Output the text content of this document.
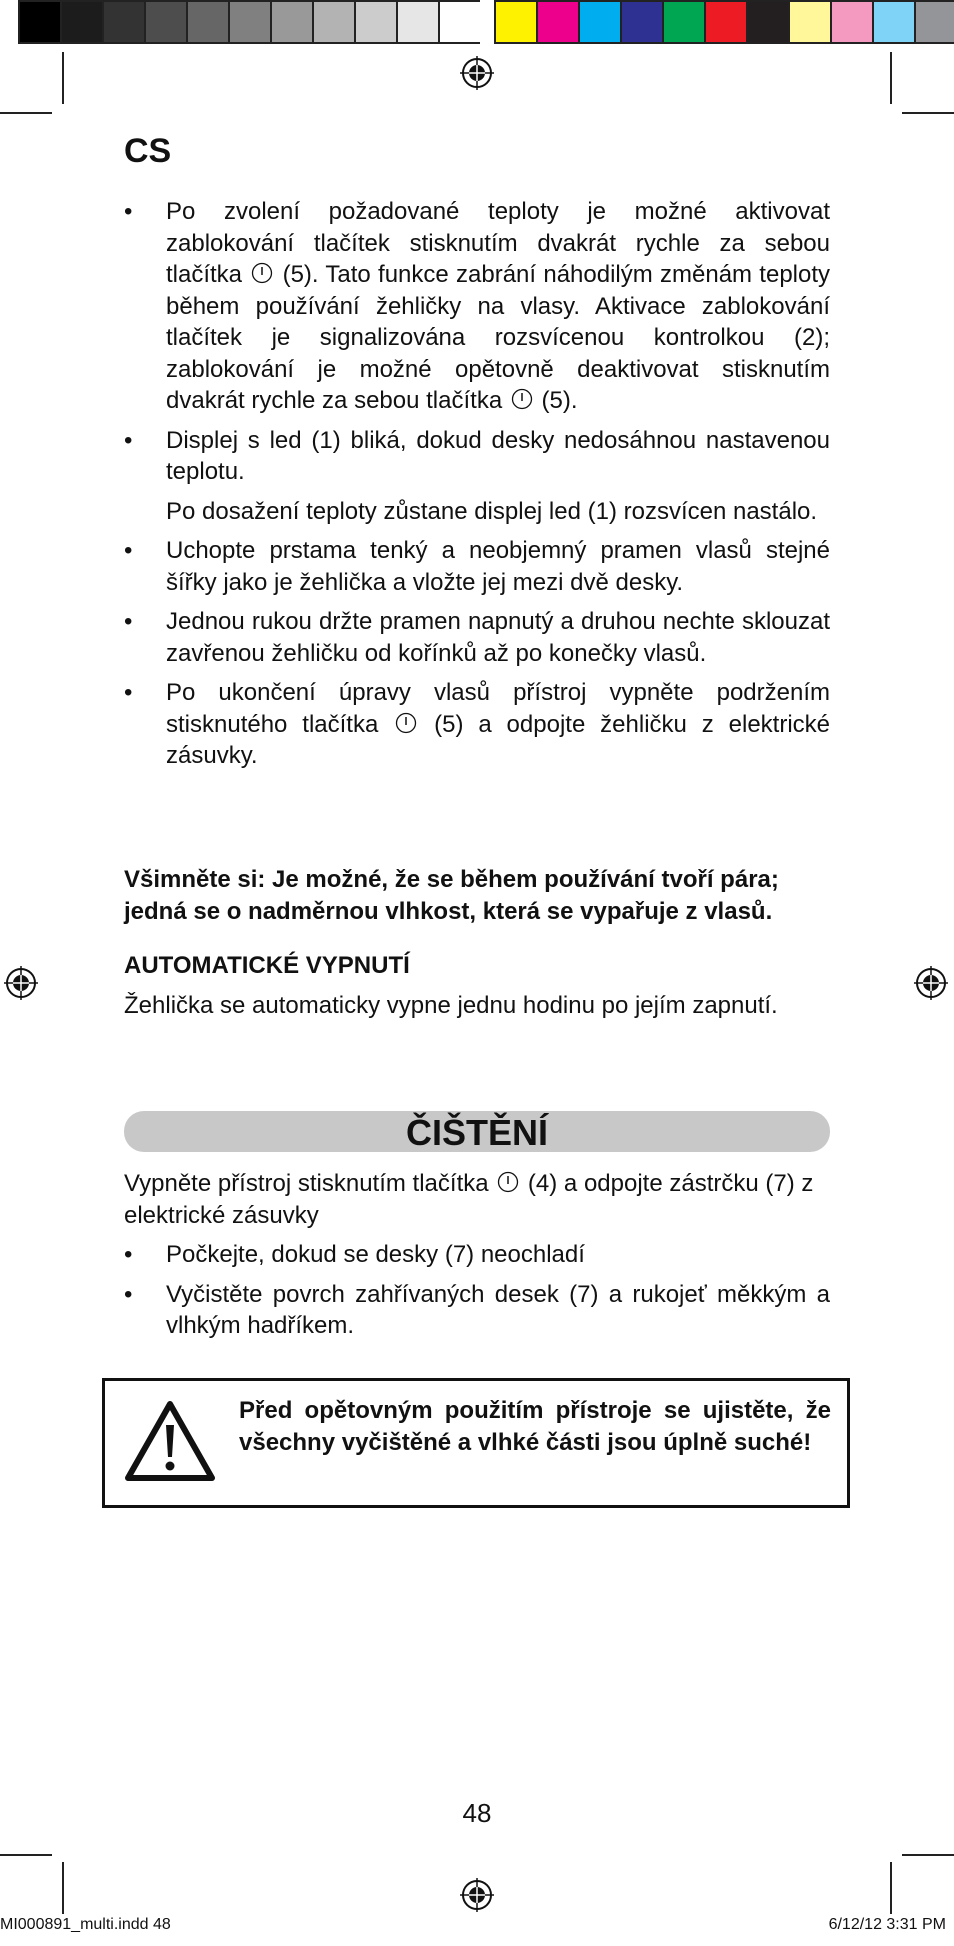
CS
• Po zvolení požadované teploty je možné aktivovat zablokování tlačítek stisknutím dvakrát rychle za sebou tlačítka  (5). Tato funkce zabrání náhodilým změnám teploty během používání žehličky na vlasy. Aktivace zablokování tlačítek je signalizována rozsvícenou kontrolkou (2); zablokování je možné opětovně deaktivovat stisknutím dvakrát rychle za sebou tlačítka  (5).
• Displej s led (1) bliká, dokud desky nedosáhnou nastavenou teplotu.
Po dosažení teploty zůstane displej led (1) rozsvícen nastálo.
• Uchopte prstama tenký a neobjemný pramen vlasů stejné šířky jako je žehlička a vložte jej mezi dvě desky.
• Jednou rukou držte pramen napnutý a druhou nechte sklouzat zavřenou žehličku od kořínků až po konečky vlasů.
• Po ukončení úpravy vlasů přístroj vypněte podržením stisknutého tlačítka  (5) a odpojte žehličku z elektrické zásuvky.
Všimněte si: Je možné, že se během používání tvoří pára; jedná se o nadměrnou vlhkost, která se vypařuje z vlasů.
AUTOMATICKÉ VYPNUTÍ
Žehlička se automaticky vypne jednu hodinu po jejím zapnutí.
ČIŠTĚNÍ
Vypněte přístroj stisknutím tlačítka  (4) a odpojte zástrčku (7) z elektrické zásuvky
• Počkejte, dokud se desky (7) neochladí
• Vyčistěte povrch zahřívaných desek (7) a rukojeť měkkým a vlhkým hadříkem.
Před opětovným použitím přístroje se ujistěte, že všechny vyčištěné a vlhké části jsou úplně suché!
48
MI000891_multi.indd 48	6/12/12 3:31 PM
